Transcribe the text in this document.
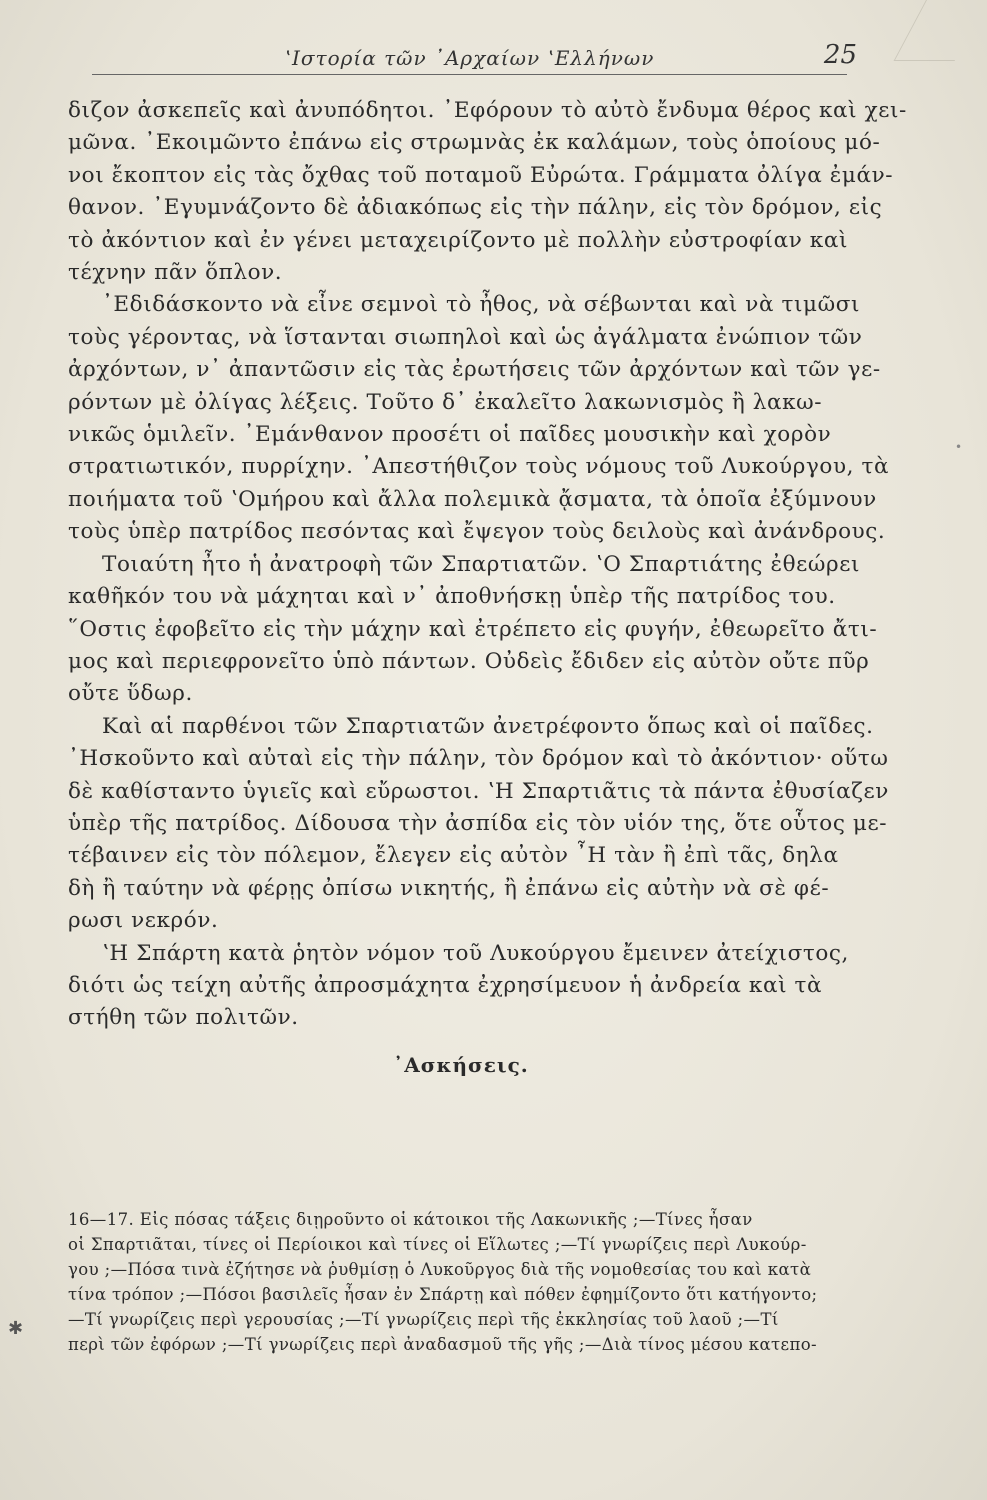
ʽΙστορία τῶν ᾿Αρχαίων ʽΕλλήνων	25
διζον ἀσκεπεῖς καὶ ἀνυπόδητοι. ᾿Εφόρουν τὸ αὐτὸ ἔνδυμα θέρος καὶ χει-
μῶνα. ᾿Εκοιμῶντο ἐπάνω εἰς στρωμνὰς ἐκ καλάμων, τοὺς ὁποίους μό-
νοι ἔκοπτον εἰς τὰς ὄχθας τοῦ ποταμοῦ Εὐρώτα. Γράμματα ὀλίγα ἐμάν-
θανον. ᾿Εγυμνάζοντο δὲ ἀδιακόπως εἰς τὴν πάλην, εἰς τὸν δρόμον, εἰς
τὸ ἀκόντιον καὶ ἐν γένει μεταχειρίζοντο μὲ πολλὴν εὐστροφίαν καὶ
τέχνην πᾶν ὅπλον.
᾿Εδιδάσκοντο νὰ εἶνε σεμνοὶ τὸ ἦθος, νὰ σέβωνται καὶ νὰ τιμῶσι
τοὺς γέροντας, νὰ ἵστανται σιωπηλοὶ καὶ ὡς ἀγάλματα ἐνώπιον τῶν
ἀρχόντων, ν᾿ ἀπαντῶσιν εἰς τὰς ἐρωτήσεις τῶν ἀρχόντων καὶ τῶν γε-
ρόντων μὲ ὀλίγας λέξεις. Τοῦτο δ᾿ ἐκαλεῖτο λακωνισμὸς ἢ λακω-
νικῶς ὁμιλεῖν. ᾿Εμάνθανον προσέτι οἱ παῖδες μουσικὴν καὶ χορὸν
στρατιωτικόν, πυρρίχην. ᾿Απεστήθιζον τοὺς νόμους τοῦ Λυκούργου, τὰ
ποιήματα τοῦ ʽΟμήρου καὶ ἄλλα πολεμικὰ ᾄσματα, τὰ ὁποῖα ἐξύμνουν
τοὺς ὑπὲρ πατρίδος πεσόντας καὶ ἔψεγον τοὺς δειλοὺς καὶ ἀνάνδρους.
Τοιαύτη ἦτο ἡ ἀνατροφὴ τῶν Σπαρτιατῶν. ʽΟ Σπαρτιάτης ἐθεώρει
καθῆκόν του νὰ μάχηται καὶ ν᾿ ἀποθνήσκῃ ὑπὲρ τῆς πατρίδος του.
῞Οστις ἐφοβεῖτο εἰς τὴν μάχην καὶ ἐτρέπετο εἰς φυγήν, ἐθεωρεῖτο ἄτι-
μος καὶ περιεφρονεῖτο ὑπὸ πάντων. Οὐδεὶς ἔδιδεν εἰς αὐτὸν οὔτε πῦρ
οὔτε ὕδωρ.
Καὶ αἱ παρθένοι τῶν Σπαρτιατῶν ἀνετρέφοντο ὅπως καὶ οἱ παῖδες.
᾿Ησκοῦντο καὶ αὐταὶ εἰς τὴν πάλην, τὸν δρόμον καὶ τὸ ἀκόντιον· οὕτω
δὲ καθίσταντο ὑγιεῖς καὶ εὔρωστοι. ʽΗ Σπαρτιᾶτις τὰ πάντα ἐθυσίαζεν
ὑπὲρ τῆς πατρίδος. Δίδουσα τὴν ἀσπίδα εἰς τὸν υἱόν της, ὅτε οὗτος με-
τέβαινεν εἰς τὸν πόλεμον, ἔλεγεν εἰς αὐτὸν ῏Η τὰν ἢ ἐπὶ τᾶς, δηλα
δὴ ἢ ταύτην νὰ φέρῃς ὀπίσω νικητής, ἢ ἐπάνω εἰς αὐτὴν νὰ σὲ φέ-
ρωσι νεκρόν.
ʽΗ Σπάρτη κατὰ ῥητὸν νόμον τοῦ Λυκούργου ἔμεινεν ἀτείχιστος,
διότι ὡς τείχη αὐτῆς ἀπροσμάχητα ἐχρησίμευον ἡ ἀνδρεία καὶ τὰ
στήθη τῶν πολιτῶν.
᾿Ασκήσεις.
16—17. Εἰς πόσας τάξεις διῃροῦντο οἱ κάτοικοι τῆς Λακωνικῆς ;—Τίνες ἦσαν
οἱ Σπαρτιᾶται, τίνες οἱ Περίοικοι καὶ τίνες οἱ Εἵλωτες ;—Τί γνωρίζεις περὶ Λυκούρ-
γου ;—Πόσα τινὰ ἐζήτησε νὰ ῥυθμίσῃ ὁ Λυκοῦργος διὰ τῆς νομοθεσίας του καὶ κατὰ
τίνα τρόπον ;—Πόσοι βασιλεῖς ἦσαν ἐν Σπάρτῃ καὶ πόθεν ἐφημίζοντο ὅτι κατήγοντο;
—Τί γνωρίζεις περὶ γερουσίας ;—Τί γνωρίζεις περὶ τῆς ἐκκλησίας τοῦ λαοῦ ;—Τί
περὶ τῶν ἐφόρων ;—Τί γνωρίζεις περὶ ἀναδασμοῦ τῆς γῆς ;—Διὰ τίνος μέσου κατεπο-
✱
•
